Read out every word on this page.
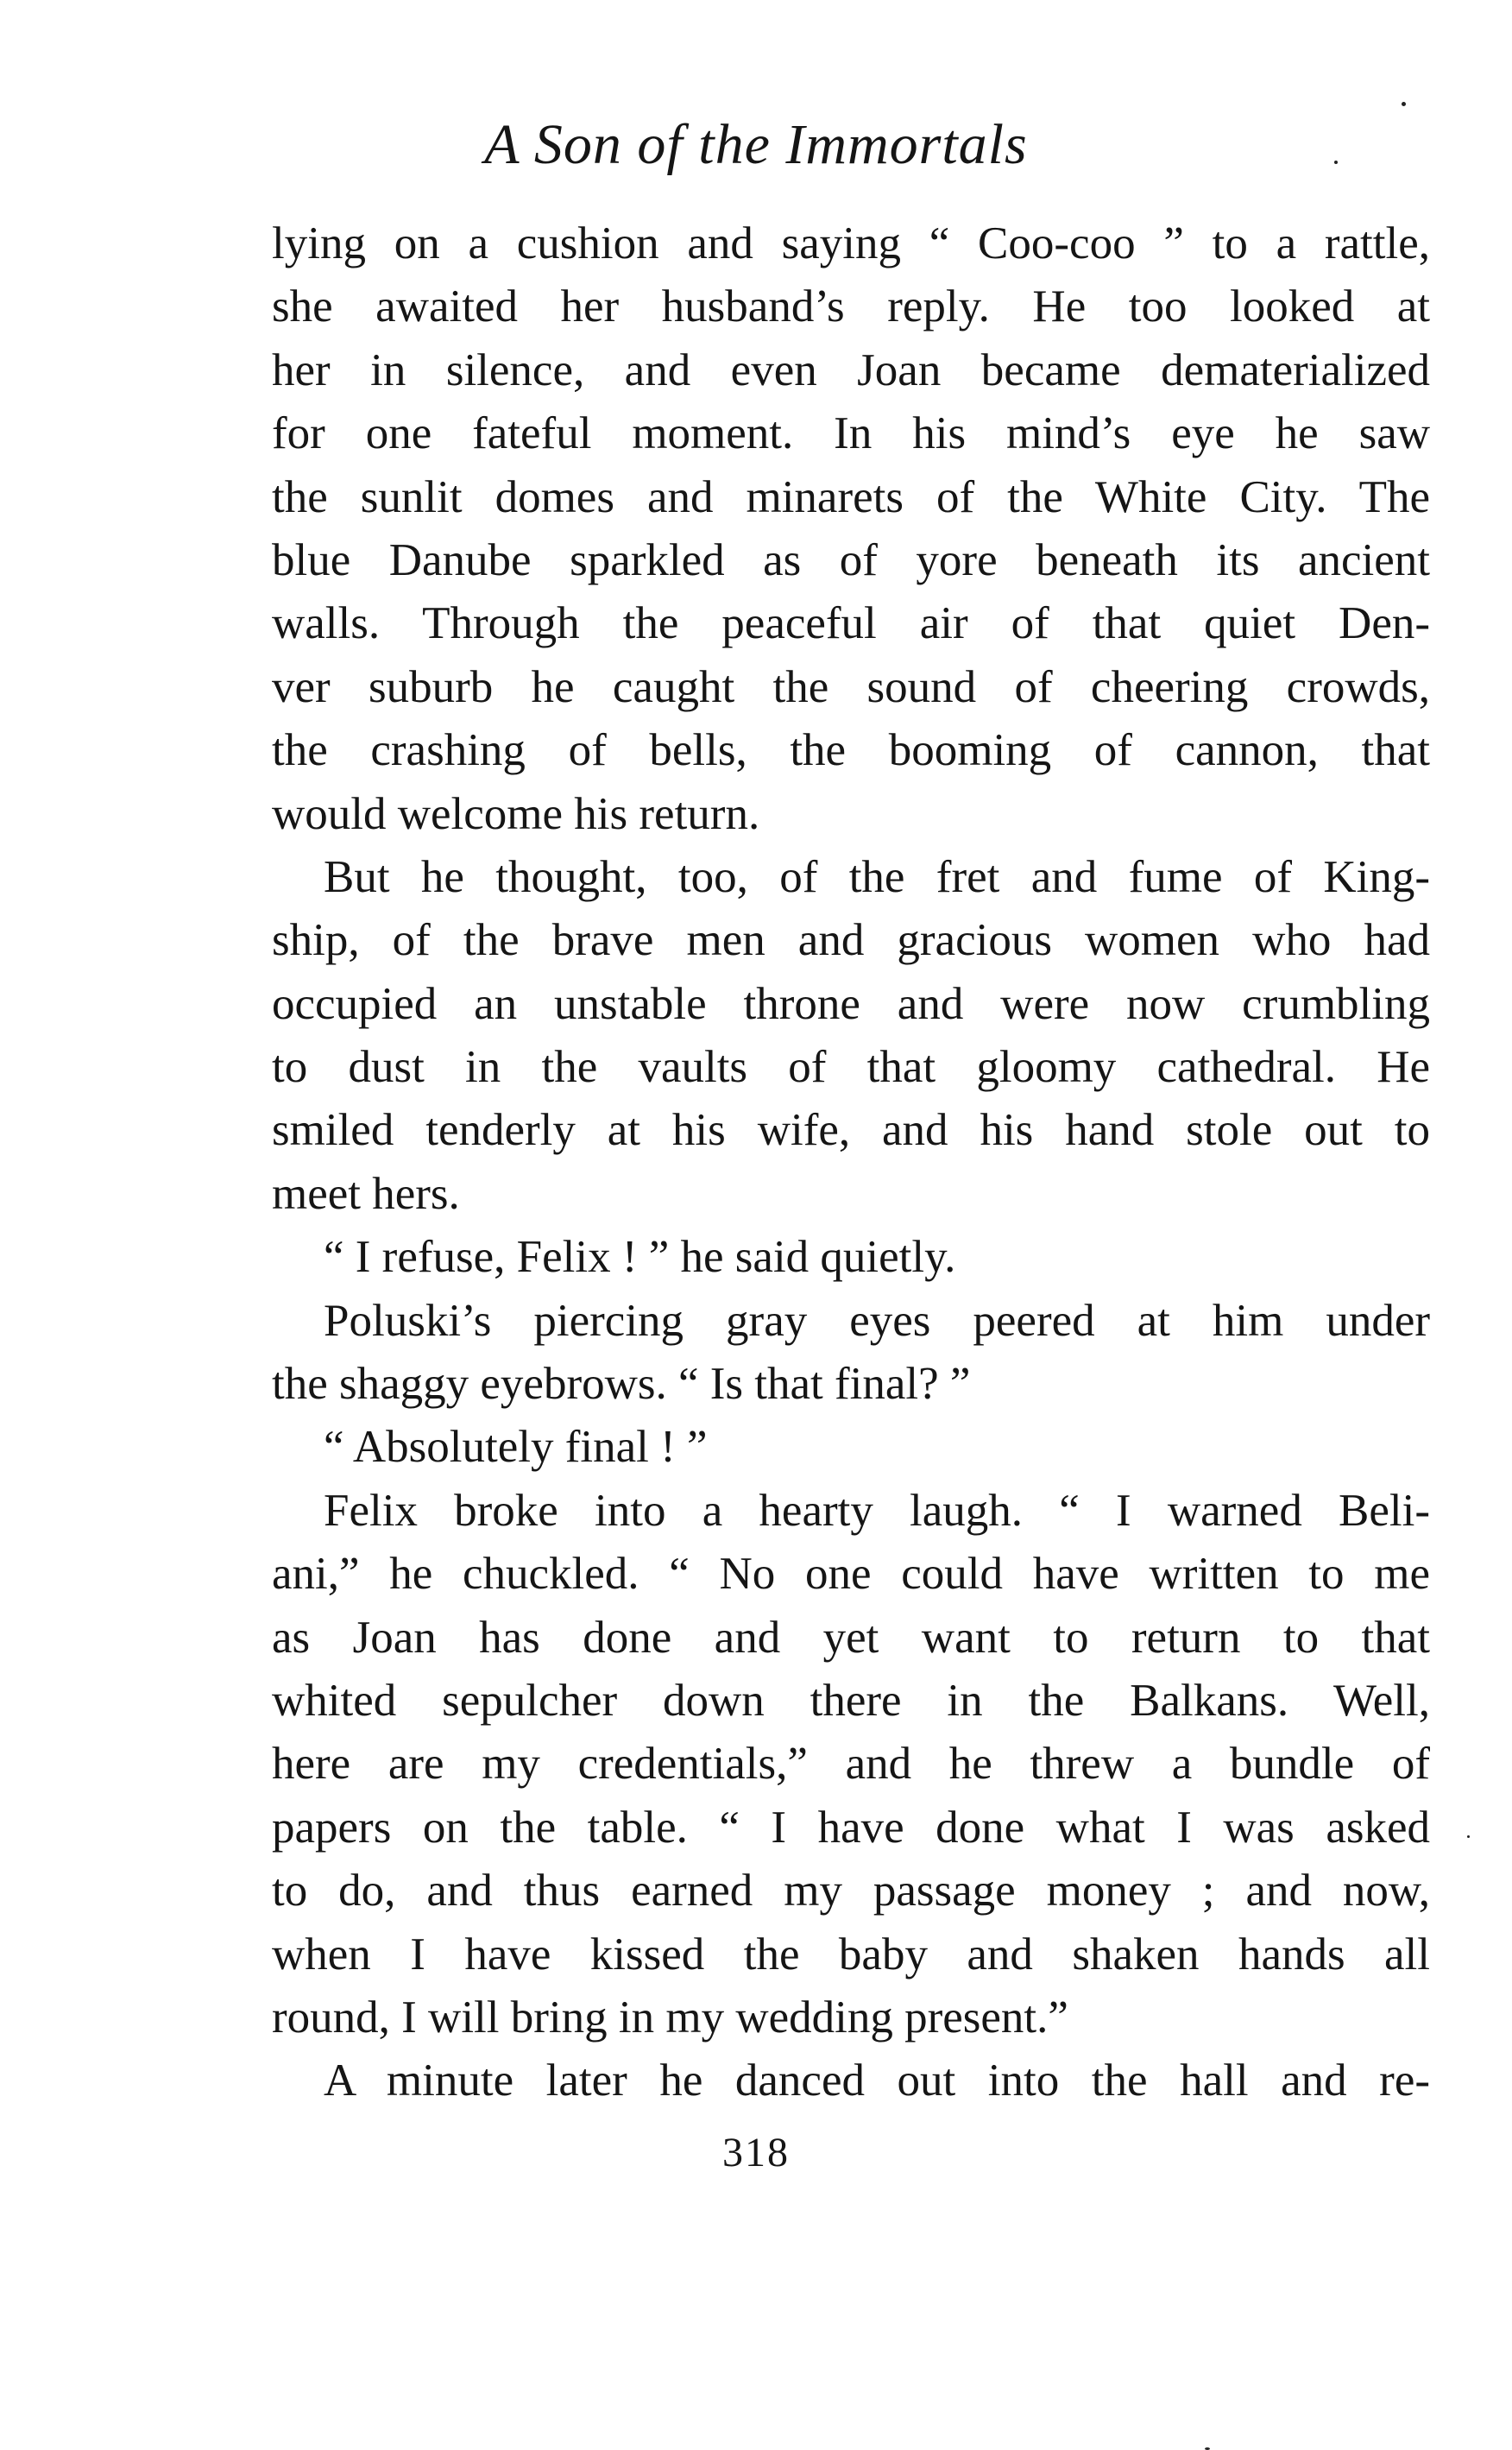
A Son of the Immortals
lying on a cushion and saying “ Coo-coo ” to a rattle,
she awaited her husband’s reply. He too looked at
her in silence, and even Joan became dematerialized
for one fateful moment. In his mind’s eye he saw
the sunlit domes and minarets of the White City. The
blue Danube sparkled as of yore beneath its ancient
walls. Through the peaceful air of that quiet Den-
ver suburb he caught the sound of cheering crowds,
the crashing of bells, the booming of cannon, that
would welcome his return.
But he thought, too, of the fret and fume of King-
ship, of the brave men and gracious women who had
occupied an unstable throne and were now crumbling
to dust in the vaults of that gloomy cathedral. He
smiled tenderly at his wife, and his hand stole out to
meet hers.
“ I refuse, Felix ! ” he said quietly.
Poluski’s piercing gray eyes peered at him under
the shaggy eyebrows. “ Is that final? ”
“ Absolutely final ! ”
Felix broke into a hearty laugh. “ I warned Beli-
ani,” he chuckled. “ No one could have written to me
as Joan has done and yet want to return to that
whited sepulcher down there in the Balkans. Well,
here are my credentials,” and he threw a bundle of
papers on the table. “ I have done what I was asked
to do, and thus earned my passage money ; and now,
when I have kissed the baby and shaken hands all
round, I will bring in my wedding present.”
A minute later he danced out into the hall and re-
318
